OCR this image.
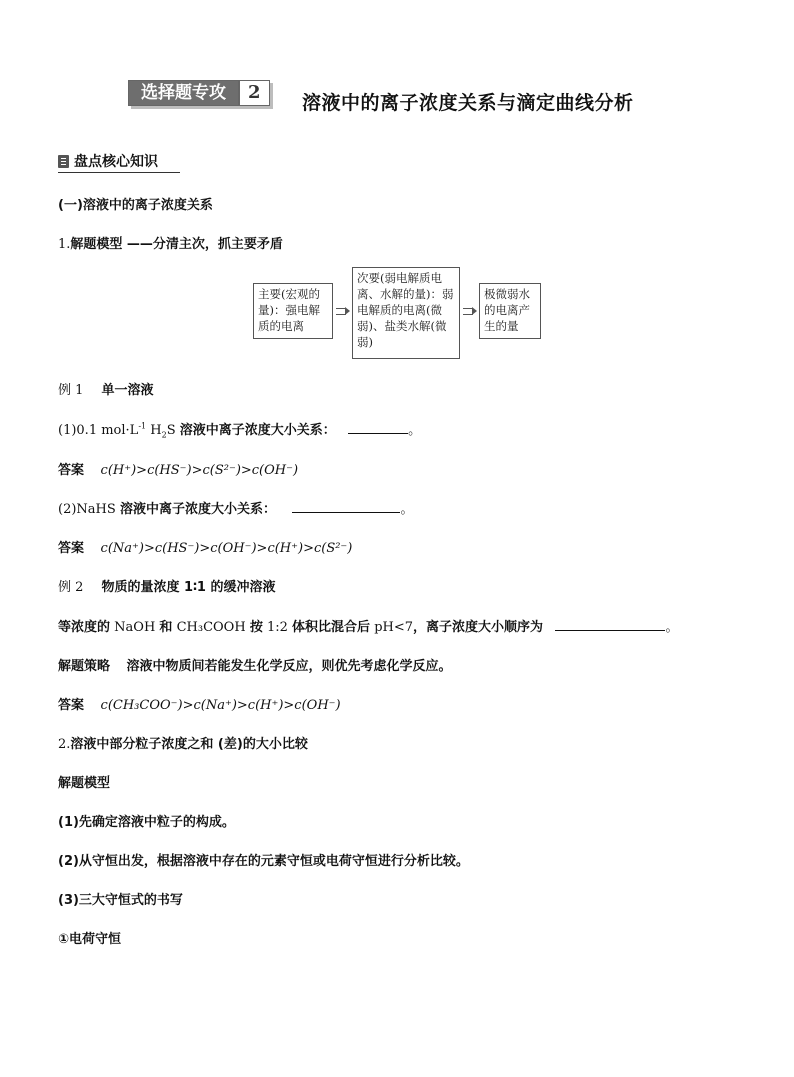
选择题专攻	2	溶液中的离子浓度关系与滴定曲线分析
盘点核心知识
(一)溶液中的离子浓度关系
1.解题模型 ——分清主次，抓主要矛盾
主要(宏观的量)：强电解质的电离
次要(弱电解质电离、水解的量)：弱电解质的电离(微弱)、盐类水解(微弱)
极微弱水的电离产生的量
例 1 单一溶液
(1)0.1 $mol\cdot L^{-1}$ $H_2S$ 溶液中离子浓度大小关系：	。
答案 c(H⁺)>c(HS⁻)>c(S²⁻)>c(OH⁻)
(2)NaHS 溶液中离子浓度大小关系：	。
答案 c(Na⁺)>c(HS⁻)>c(OH⁻)>c(H⁺)>c(S²⁻)
例 2 物质的量浓度 1∶1 的缓冲溶液
等浓度的 NaOH 和 CH₃COOH 按 1:2 体积比混合后 pH<7，离子浓度大小顺序为	。
解题策略 溶液中物质间若能发生化学反应，则优先考虑化学反应。
答案 c(CH₃COO⁻)>c(Na⁺)>c(H⁺)>c(OH⁻)
2.溶液中部分粒子浓度之和 (差)的大小比较
解题模型
(1)先确定溶液中粒子的构成。
(2)从守恒出发，根据溶液中存在的元素守恒或电荷守恒进行分析比较。
(3)三大守恒式的书写
①电荷守恒
